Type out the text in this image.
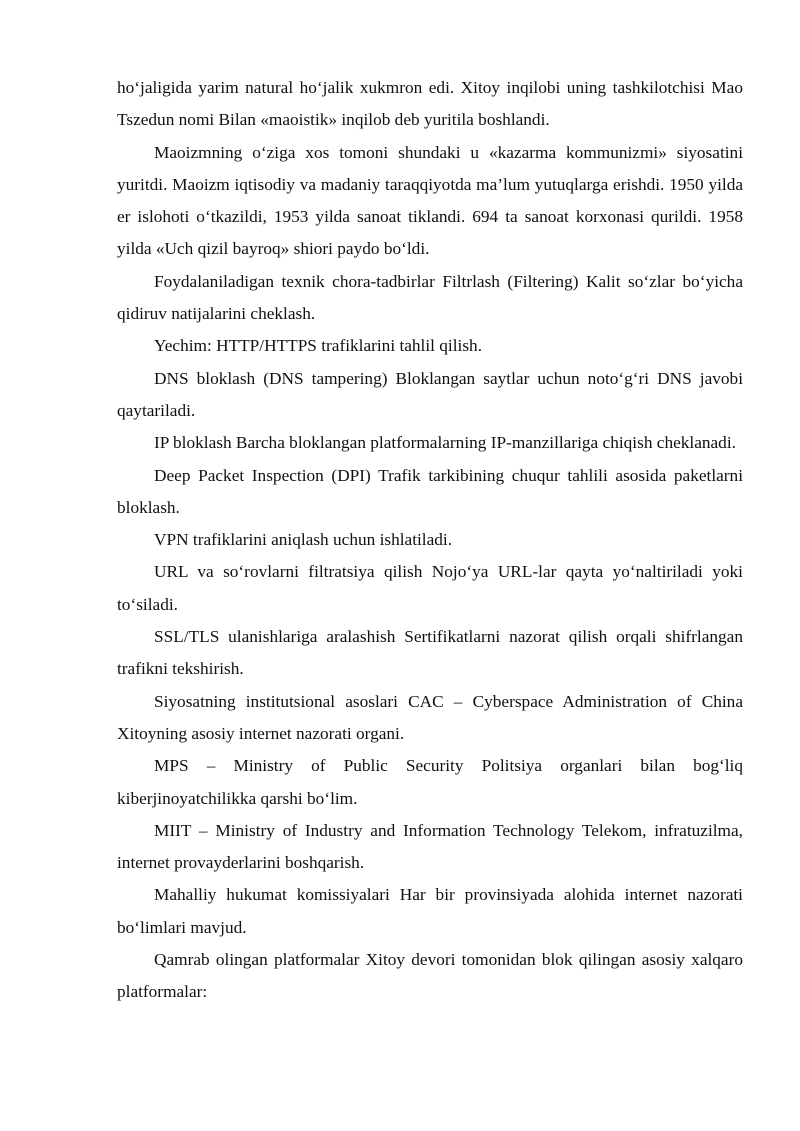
ho‘jaligida yarim natural ho‘jalik xukmron edi. Xitoy inqilobi uning tashkilotchisi Mao Tszedun nomi Bilan «maoistik» inqilob deb yuritila boshlandi.

Maoizmning o‘ziga xos tomoni shundaki u «kazarma kommunizmi» siyosatini yuritdi. Maoizm iqtisodiy va madaniy taraqqiyotda ma’lum yutuqlarga erishdi. 1950 yilda er islohoti o‘tkazildi, 1953 yilda sanoat tiklandi. 694 ta sanoat korxonasi qurildi. 1958 yilda «Uch qizil bayroq» shiori paydo bo‘ldi.

Foydalaniladigan texnik chora-tadbirlar Filtrlash (Filtering) Kalit so‘zlar bo‘yicha qidiruv natijalarini cheklash.

Yechim: HTTP/HTTPS trafiklarini tahlil qilish.

DNS bloklash (DNS tampering) Bloklangan saytlar uchun noto‘g‘ri DNS javobi qaytariladi.

IP bloklash Barcha bloklangan platformalarning IP-manzillariga chiqish cheklanadi.

Deep Packet Inspection (DPI) Trafik tarkibining chuqur tahlili asosida paketlarni bloklash.

VPN trafiklarini aniqlash uchun ishlatiladi.

URL va so‘rovlarni filtratsiya qilish Nojo‘ya URL-lar qayta yo‘naltiriladi yoki to‘siladi.

SSL/TLS ulanishlariga aralashish Sertifikatlarni nazorat qilish orqali shifrlangan trafikni tekshirish.

Siyosatning institutsional asoslari CAC – Cyberspace Administration of China Xitoyning asosiy internet nazorati organi.

MPS – Ministry of Public Security Politsiya organlari bilan bog‘liq kiberjinoyatchilikka qarshi bo‘lim.

MIIT – Ministry of Industry and Information Technology Telekom, infratuzilma, internet provayderlarini boshqarish.

Mahalliy hukumat komissiyalari Har bir provinsiyada alohida internet nazorati bo‘limlari mavjud.

Qamrab olingan platformalar Xitoy devori tomonidan blok qilingan asosiy xalqaro platformalar:
